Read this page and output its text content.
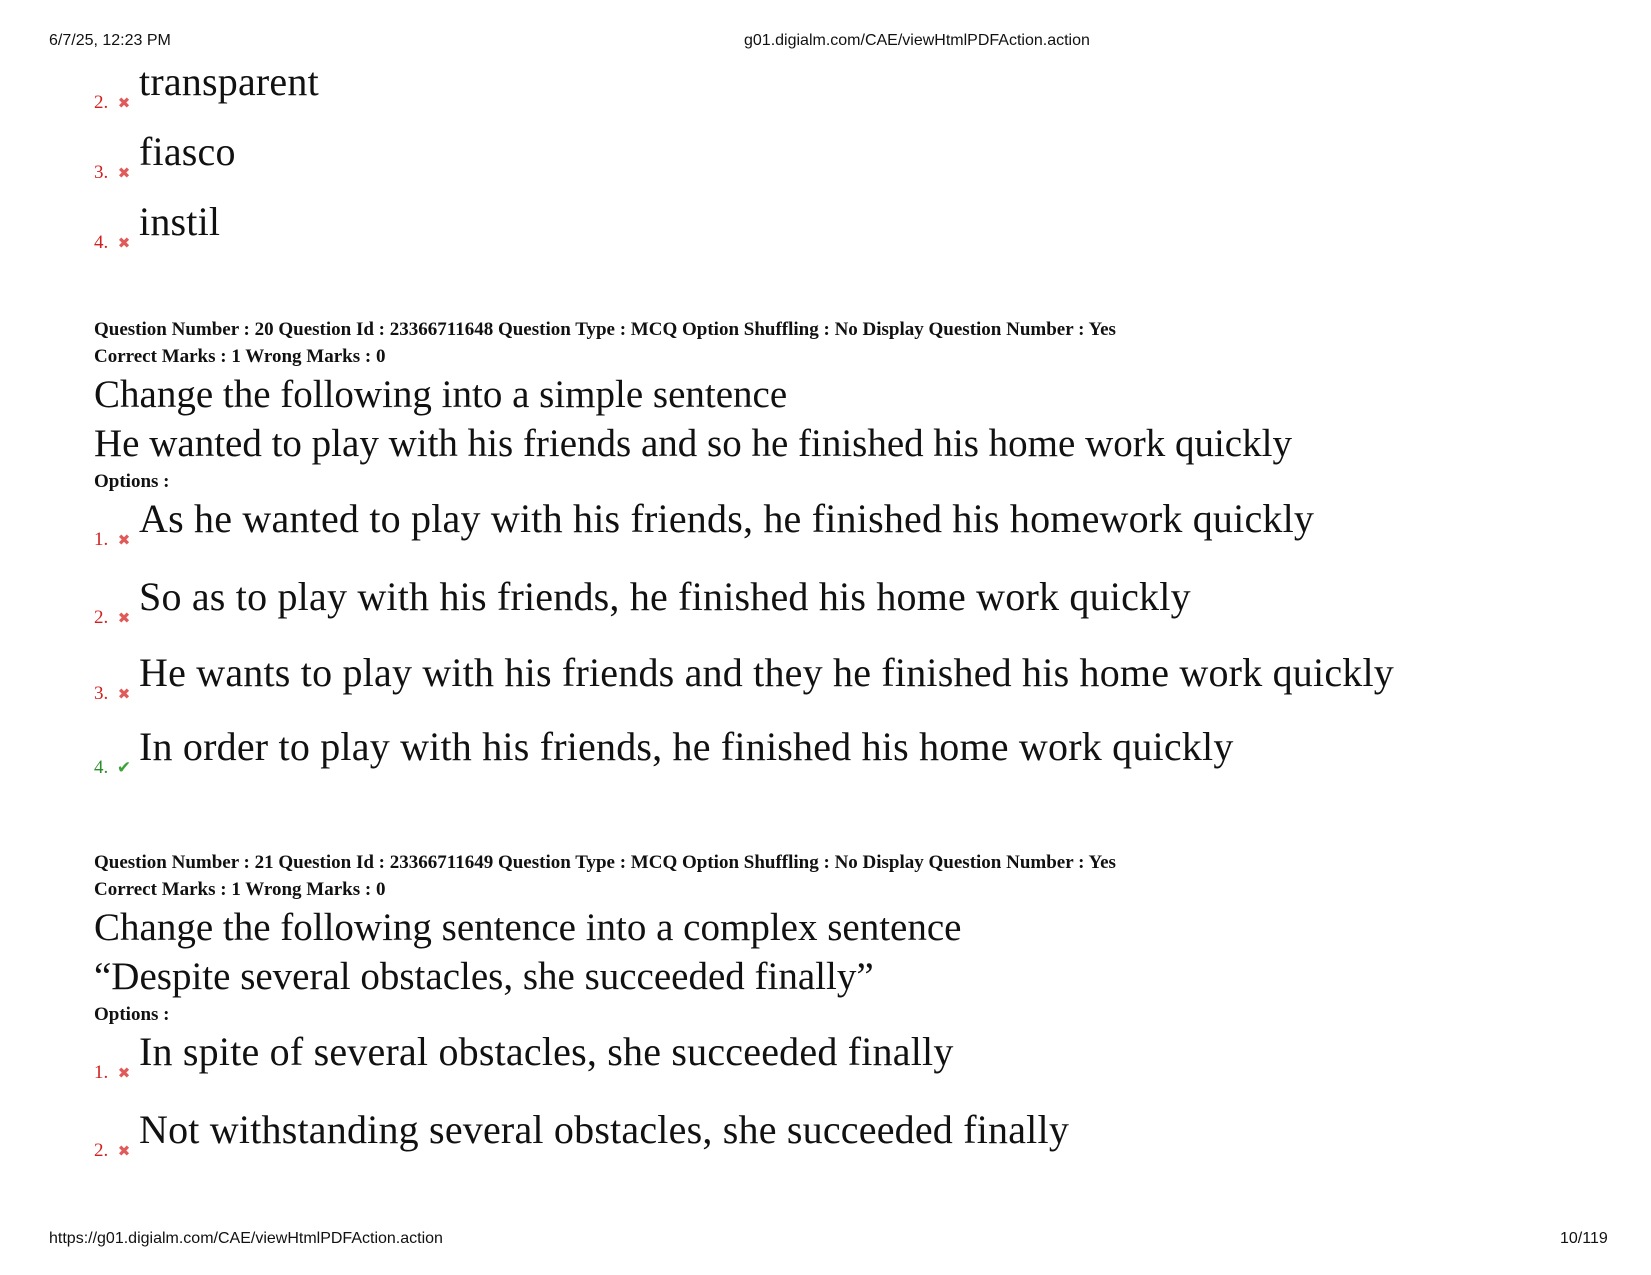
6/7/25, 12:23 PM	g01.digialm.com/CAE/viewHtmlPDFAction.action
2. ✖ transparent
3. ✖ fiasco
4. ✖ instil
Question Number : 20 Question Id : 23366711648 Question Type : MCQ Option Shuffling : No Display Question Number : Yes
Correct Marks : 1 Wrong Marks : 0
Change the following into a simple sentence
He wanted to play with his friends and so he finished his home work quickly
Options :
1. ✖ As he wanted to play with his friends, he finished his homework quickly
2. ✖ So as to play with his friends, he finished his home work quickly
3. ✖ He wants to play with his friends and they he finished his home work quickly
4. ✔ In order to play with his friends, he finished his home work quickly
Question Number : 21 Question Id : 23366711649 Question Type : MCQ Option Shuffling : No Display Question Number : Yes
Correct Marks : 1 Wrong Marks : 0
Change the following sentence into a complex sentence
“Despite several obstacles, she succeeded finally”
Options :
1. ✖ In spite of several obstacles, she succeeded finally
2. ✖ Not withstanding several obstacles, she succeeded finally
https://g01.digialm.com/CAE/viewHtmlPDFAction.action	10/119
